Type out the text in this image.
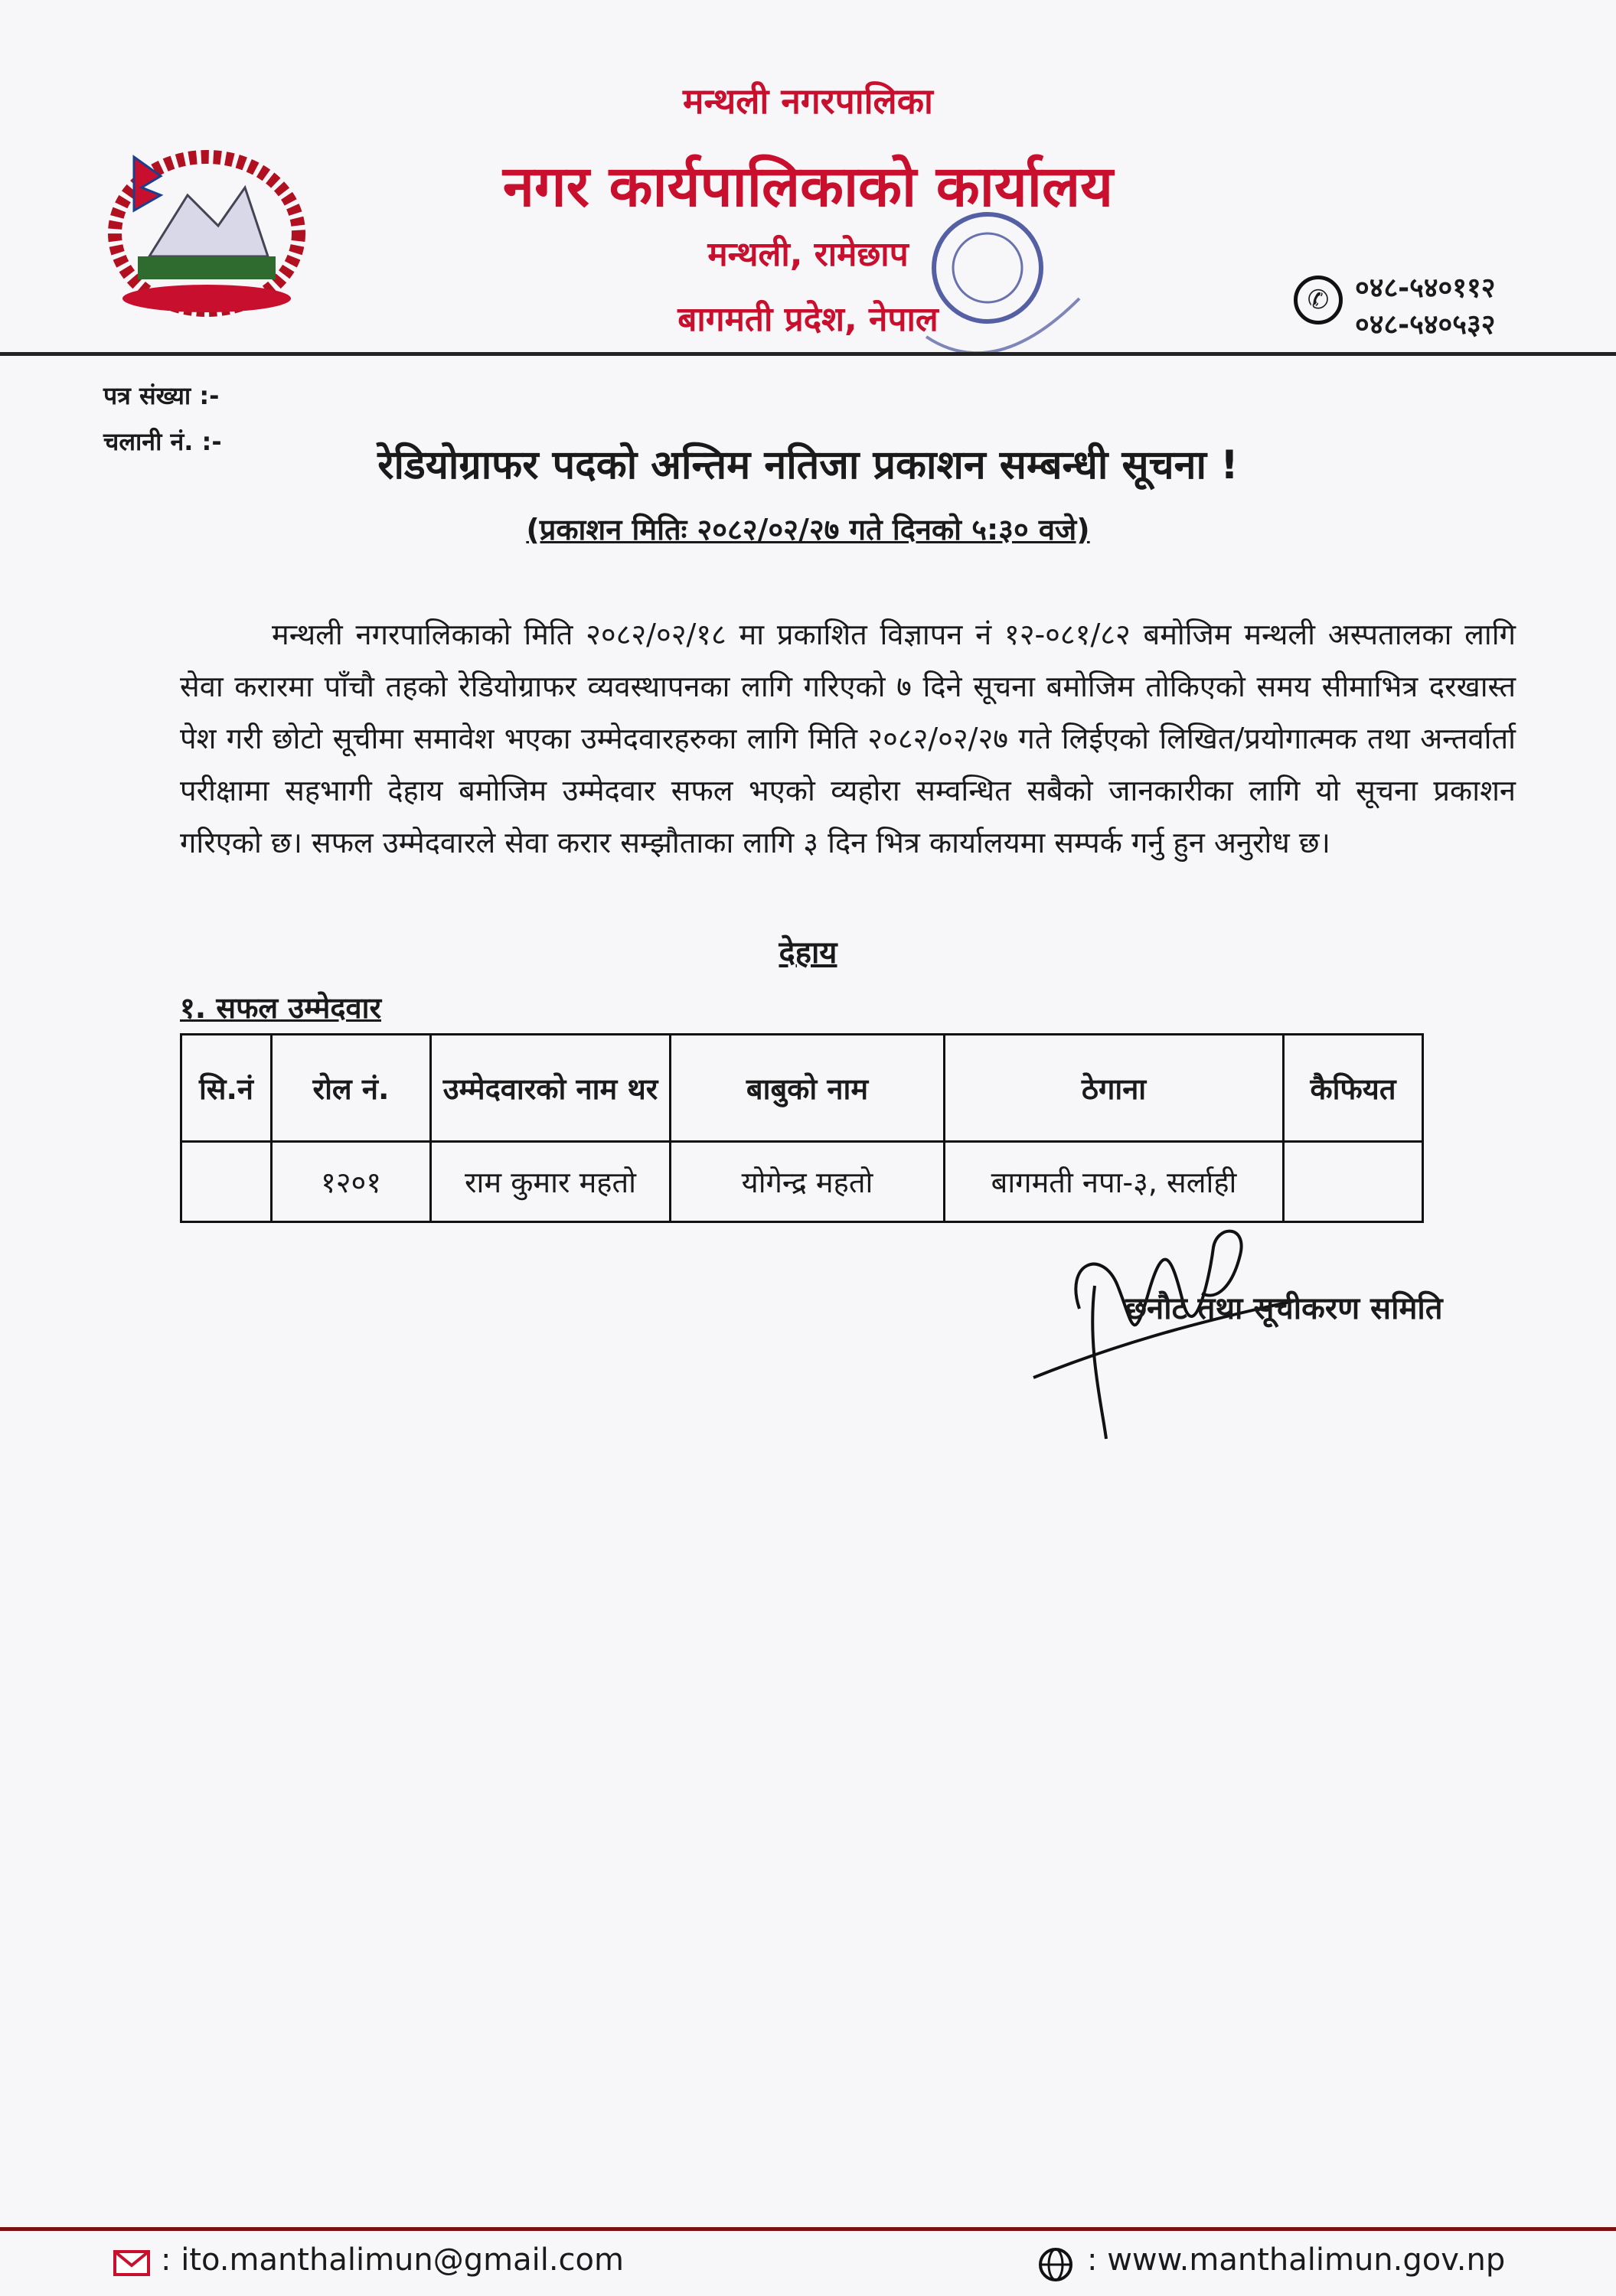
मन्थली नगरपालिका
नगर कार्यपालिकाको कार्यालय
मन्थली, रामेछाप
बागमती प्रदेश, नेपाल	✆ ०४८-५४०११२
०४८-५४०५३२
पत्र संख्या :-
चलानी नं. :-
रेडियोग्राफर पदको अन्तिम नतिजा प्रकाशन सम्बन्धी सूचना !
(प्रकाशन मितिः २०८२/०२/२७ गते दिनको ५:३० वजे)
मन्थली नगरपालिकाको मिति २०८२/०२/१८ मा प्रकाशित विज्ञापन नं १२-०८१/८२ बमोजिम मन्थली अस्पतालका लागि सेवा करारमा पाँचौ तहको रेडियोग्राफर व्यवस्थापनका लागि गरिएको ७ दिने सूचना बमोजिम तोकिएको समय सीमाभित्र दरखास्त पेश गरी छोटो सूचीमा समावेश भएका उम्मेदवारहरुका लागि मिति २०८२/०२/२७ गते लिईएको लिखित/प्रयोगात्मक तथा अन्तर्वार्ता परीक्षामा सहभागी देहाय बमोजिम उम्मेदवार सफल भएको व्यहोरा सम्वन्धित सबैको जानकारीका लागि यो सूचना प्रकाशन गरिएको छ। सफल उम्मेदवारले सेवा करार सम्झौताका लागि ३ दिन भित्र कार्यालयमा सम्पर्क गर्नु हुन अनुरोध छ।
देहाय
१. सफल उम्मेदवार
सि.नं	रोल नं.	उम्मेदवारको नाम थर	बाबुको नाम	ठेगाना	कैफियत
	१२०१	राम कुमार महतो	योगेन्द्र महतो	बागमती नपा-३, सर्लाही	
छनौट तथा सूचीकरण समिति
: ito.manthalimun@gmail.com	: www.manthalimun.gov.np
